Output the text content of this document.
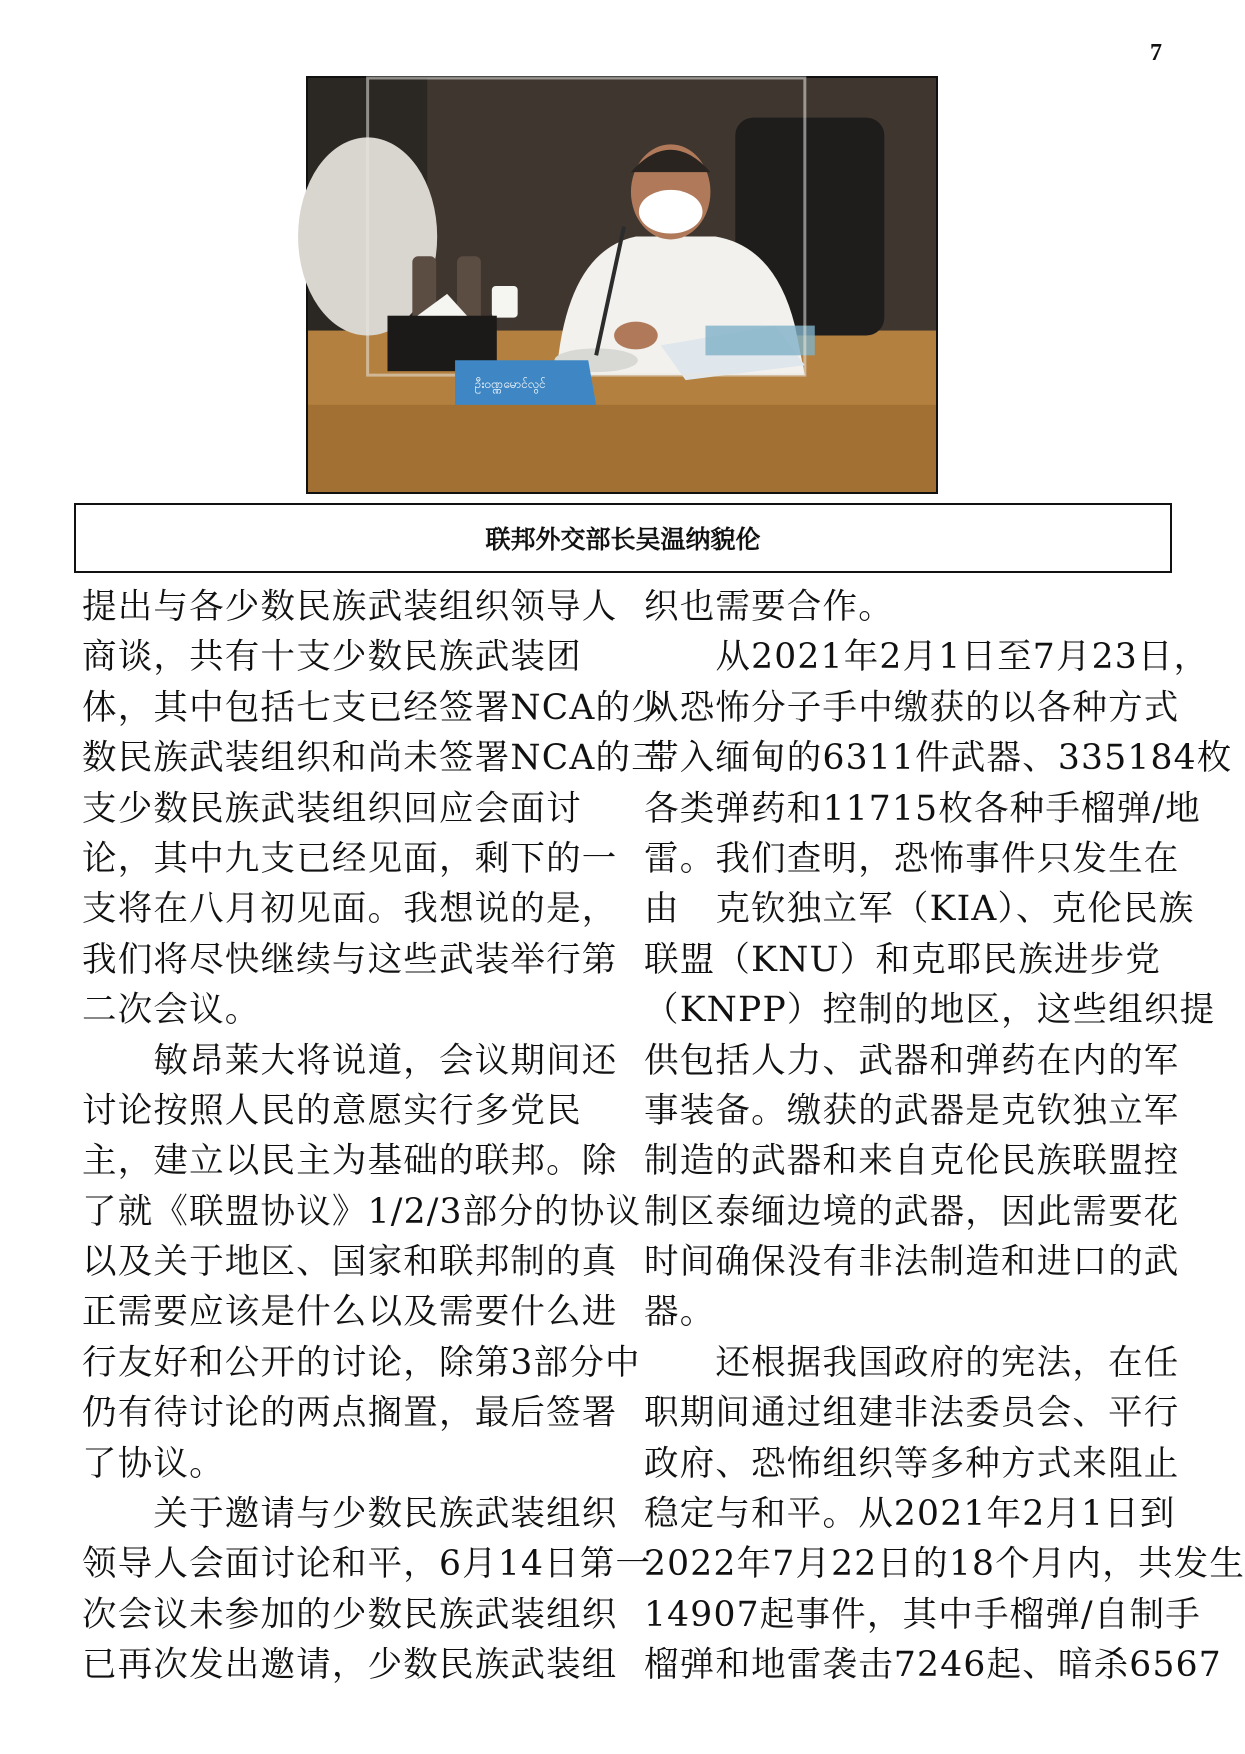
7
ဦးဝဏ္ဏမောင်လွင်
联邦外交部长吴温纳貌伦
提出与各少数民族武装组织领导人
商谈，共有十支少数民族武装团
体，其中包括七支已经签署NCA的少
数民族武装组织和尚未签署NCA的三
支少数民族武装组织回应会面讨
论，其中九支已经见面，剩下的一
支将在八月初见面。我想说的是，
我们将尽快继续与这些武装举行第
二次会议。
　　敏昂莱大将说道，会议期间还
讨论按照人民的意愿实行多党民
主，建立以民主为基础的联邦。除
了就《联盟协议》1/2/3部分的协议
以及关于地区、国家和联邦制的真
正需要应该是什么以及需要什么进
行友好和公开的讨论，除第3部分中
仍有待讨论的两点搁置，最后签署
了协议。
　　关于邀请与少数民族武装组织
领导人会面讨论和平，6月14日第一
次会议未参加的少数民族武装组织
已再次发出邀请，少数民族武装组
织也需要合作。
　　从2021年2月1日至7月23日，
从恐怖分子手中缴获的以各种方式
带入缅甸的6311件武器、335184枚
各类弹药和11715枚各种手榴弹/地
雷。我们查明，恐怖事件只发生在
由　克钦独立军（KIA）、克伦民族
联盟（KNU）和克耶民族进步党
（KNPP）控制的地区，这些组织提
供包括人力、武器和弹药在内的军
事装备。缴获的武器是克钦独立军
制造的武器和来自克伦民族联盟控
制区泰缅边境的武器，因此需要花
时间确保没有非法制造和进口的武
器。
　　还根据我国政府的宪法，在任
职期间通过组建非法委员会、平行
政府、恐怖组织等多种方式来阻止
稳定与和平。从2021年2月1日到
2022年7月22日的18个月内，共发生
14907起事件，其中手榴弹/自制手
榴弹和地雷袭击7246起、暗杀6567
